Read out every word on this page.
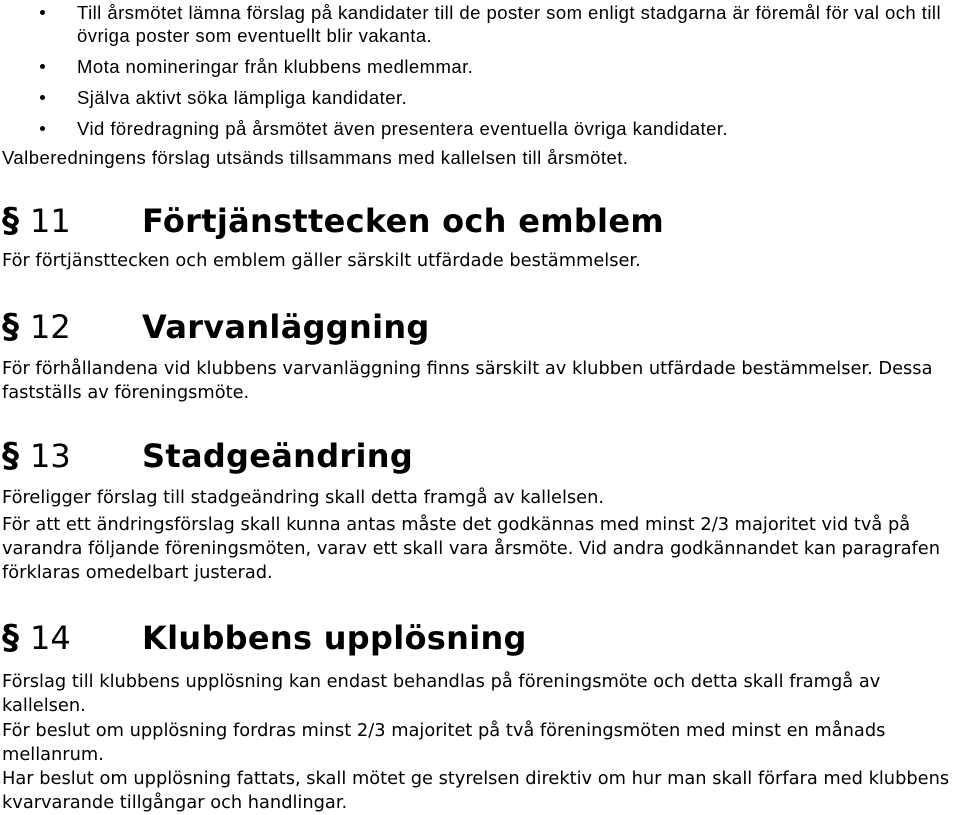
Till årsmötet lämna förslag på kandidater till de poster som enligt stadgarna är föremål för val och till övriga poster som eventuellt blir vakanta.
Mota nomineringar från klubbens medlemmar.
Själva aktivt söka lämpliga kandidater.
Vid föredragning på årsmötet även presentera eventuella övriga kandidater.

Valberedningens förslag utsänds tillsammans med kallelsen till årsmötet.

§ 11	Förtjänsttecken och emblem

För förtjänsttecken och emblem gäller särskilt utfärdade bestämmelser.

§ 12	Varvanläggning

För förhållandena vid klubbens varvanläggning finns särskilt av klubben utfärdade bestämmelser. Dessa fastställs av föreningsmöte.

§ 13	Stadgeändring

Föreligger förslag till stadgeändring skall detta framgå av kallelsen.

För att ett ändringsförslag skall kunna antas måste det godkännas med minst 2/3 majoritet vid två på varandra följande föreningsmöten, varav ett skall vara årsmöte. Vid andra godkännandet kan paragrafen förklaras omedelbart justerad.

§ 14	Klubbens upplösning

Förslag till klubbens upplösning kan endast behandlas på föreningsmöte och detta skall framgå av kallelsen.

För beslut om upplösning fordras minst 2/3 majoritet på två föreningsmöten med minst en månads mellanrum.

Har beslut om upplösning fattats, skall mötet ge styrelsen direktiv om hur man skall förfara med klubbens kvarvarande tillgångar och handlingar.
